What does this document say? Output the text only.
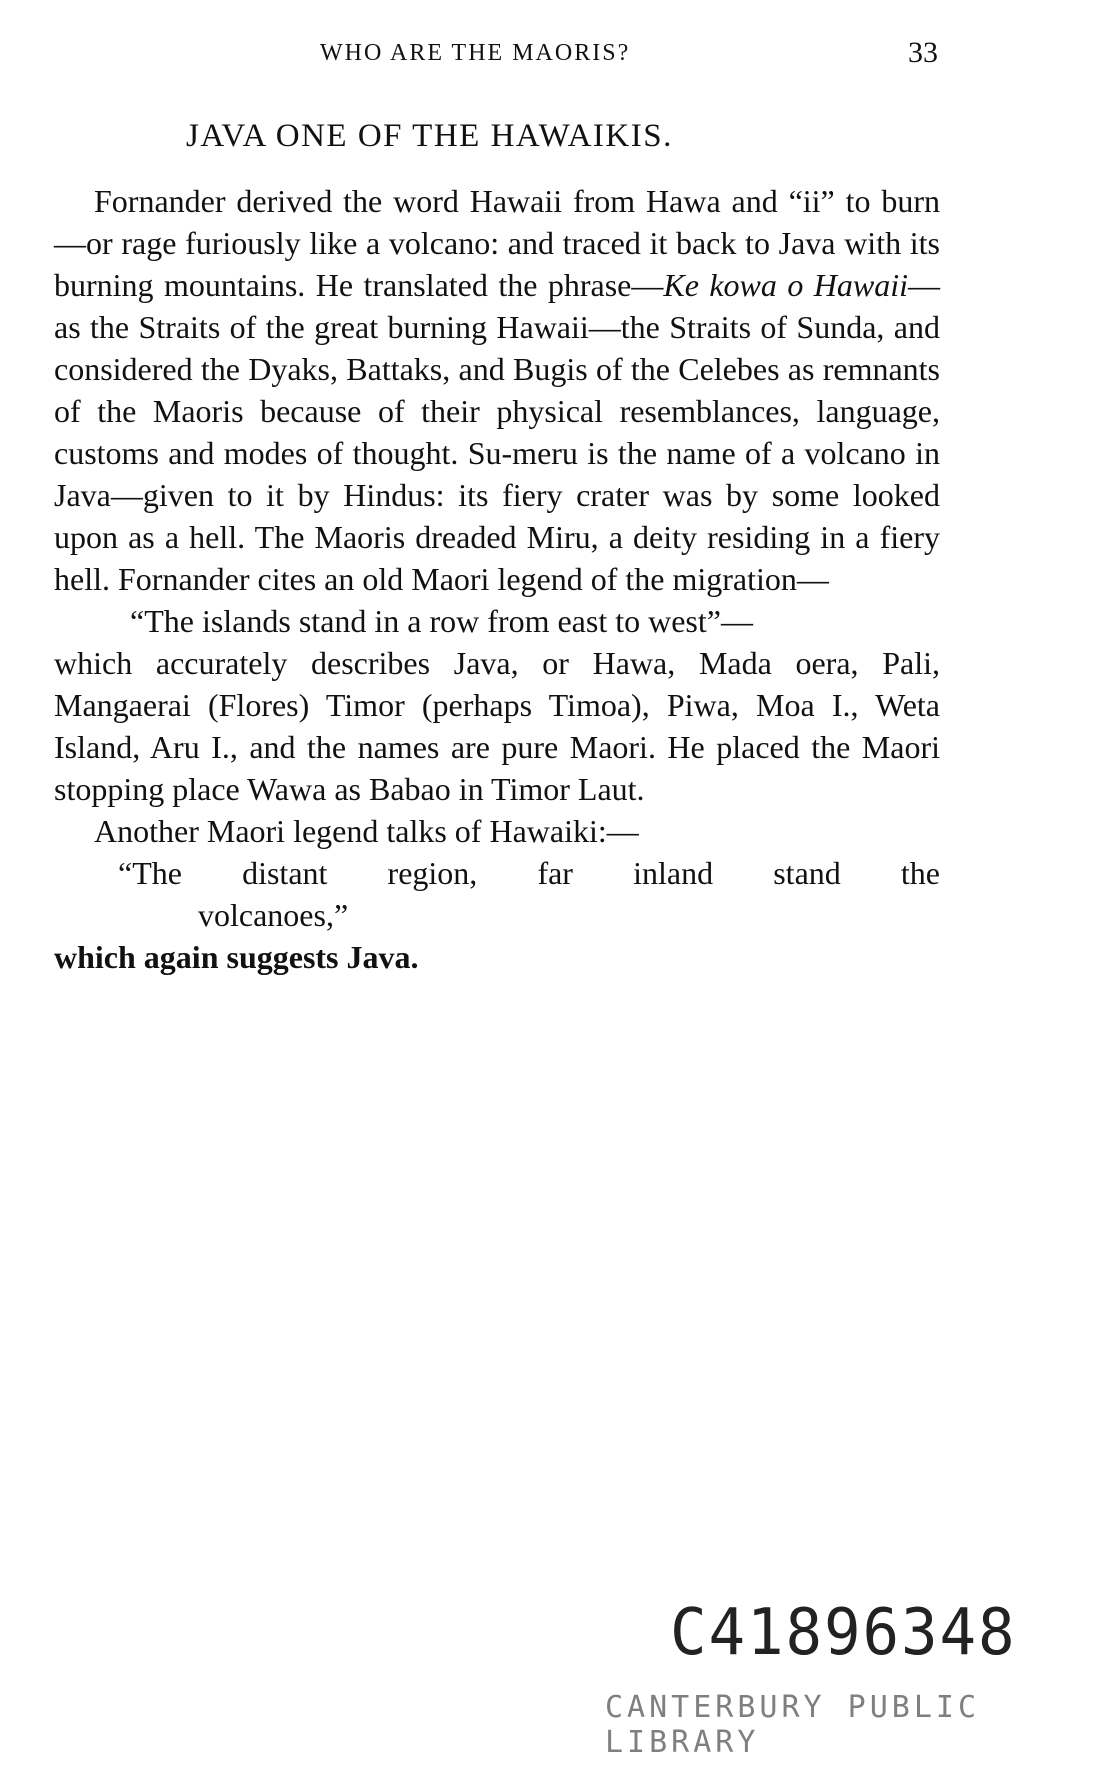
WHO ARE THE MAORIS?	33
JAVA ONE OF THE HAWAIKIS.

Fornander derived the word Hawaii from Hawa and “ii” to burn—or rage furiously like a volcano: and traced it back to Java with its burning mountains. He translated the phrase—Ke kowa o Hawaii—as the Straits of the great burning Hawaii—the Straits of Sunda, and considered the Dyaks, Battaks, and Bugis of the Celebes as remnants of the Maoris because of their physical resemblances, language, customs and modes of thought. Su-meru is the name of a volcano in Java—given to it by Hindus: its fiery crater was by some looked upon as a hell. The Maoris dreaded Miru, a deity residing in a fiery hell. Fornander cites an old Maori legend of the migration—

“The islands stand in a row from east to west”—

which accurately describes Java, or Hawa, Mada oera, Pali, Mangaerai (Flores) Timor (perhaps Timoa), Piwa, Moa I., Weta Island, Aru I., and the names are pure Maori. He placed the Maori stopping place Wawa as Babao in Timor Laut.

Another Maori legend talks of Hawaiki:—

“The distant region, far inland stand the

volcanoes,”

which again suggests Java.

C41896348
CANTERBURY PUBLIC LIBRARY
